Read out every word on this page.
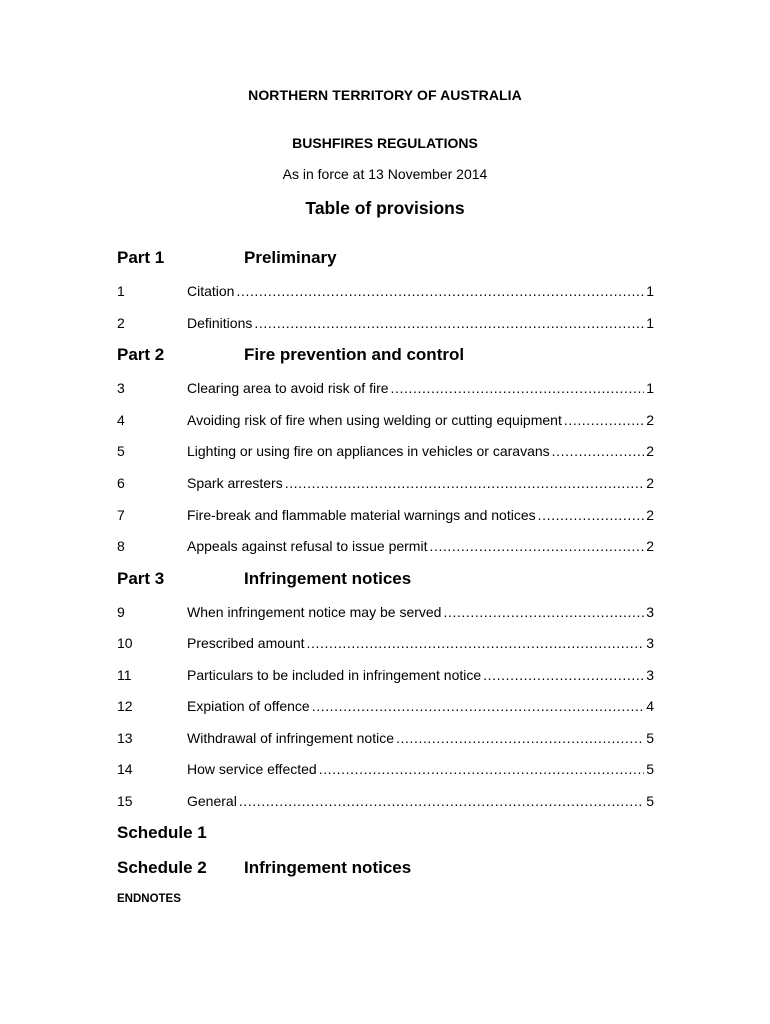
NORTHERN TERRITORY OF AUSTRALIA
BUSHFIRES REGULATIONS
As in force at 13 November 2014
Table of provisions
Part 1	Preliminary
1	Citation .....	1
2	Definitions .....	1
Part 2	Fire prevention and control
3	Clearing area to avoid risk of fire .....	1
4	Avoiding risk of fire when using welding or cutting equipment .....	2
5	Lighting or using fire on appliances in vehicles or caravans .....	2
6	Spark arresters .....	2
7	Fire-break and flammable material warnings and notices .....	2
8	Appeals against refusal to issue permit .....	2
Part 3	Infringement notices
9	When infringement notice may be served .....	3
10	Prescribed amount .....	3
11	Particulars to be included in infringement notice .....	3
12	Expiation of offence .....	4
13	Withdrawal of infringement notice .....	5
14	How service effected .....	5
15	General .....	5
Schedule 1
Schedule 2 Infringement notices
ENDNOTES
